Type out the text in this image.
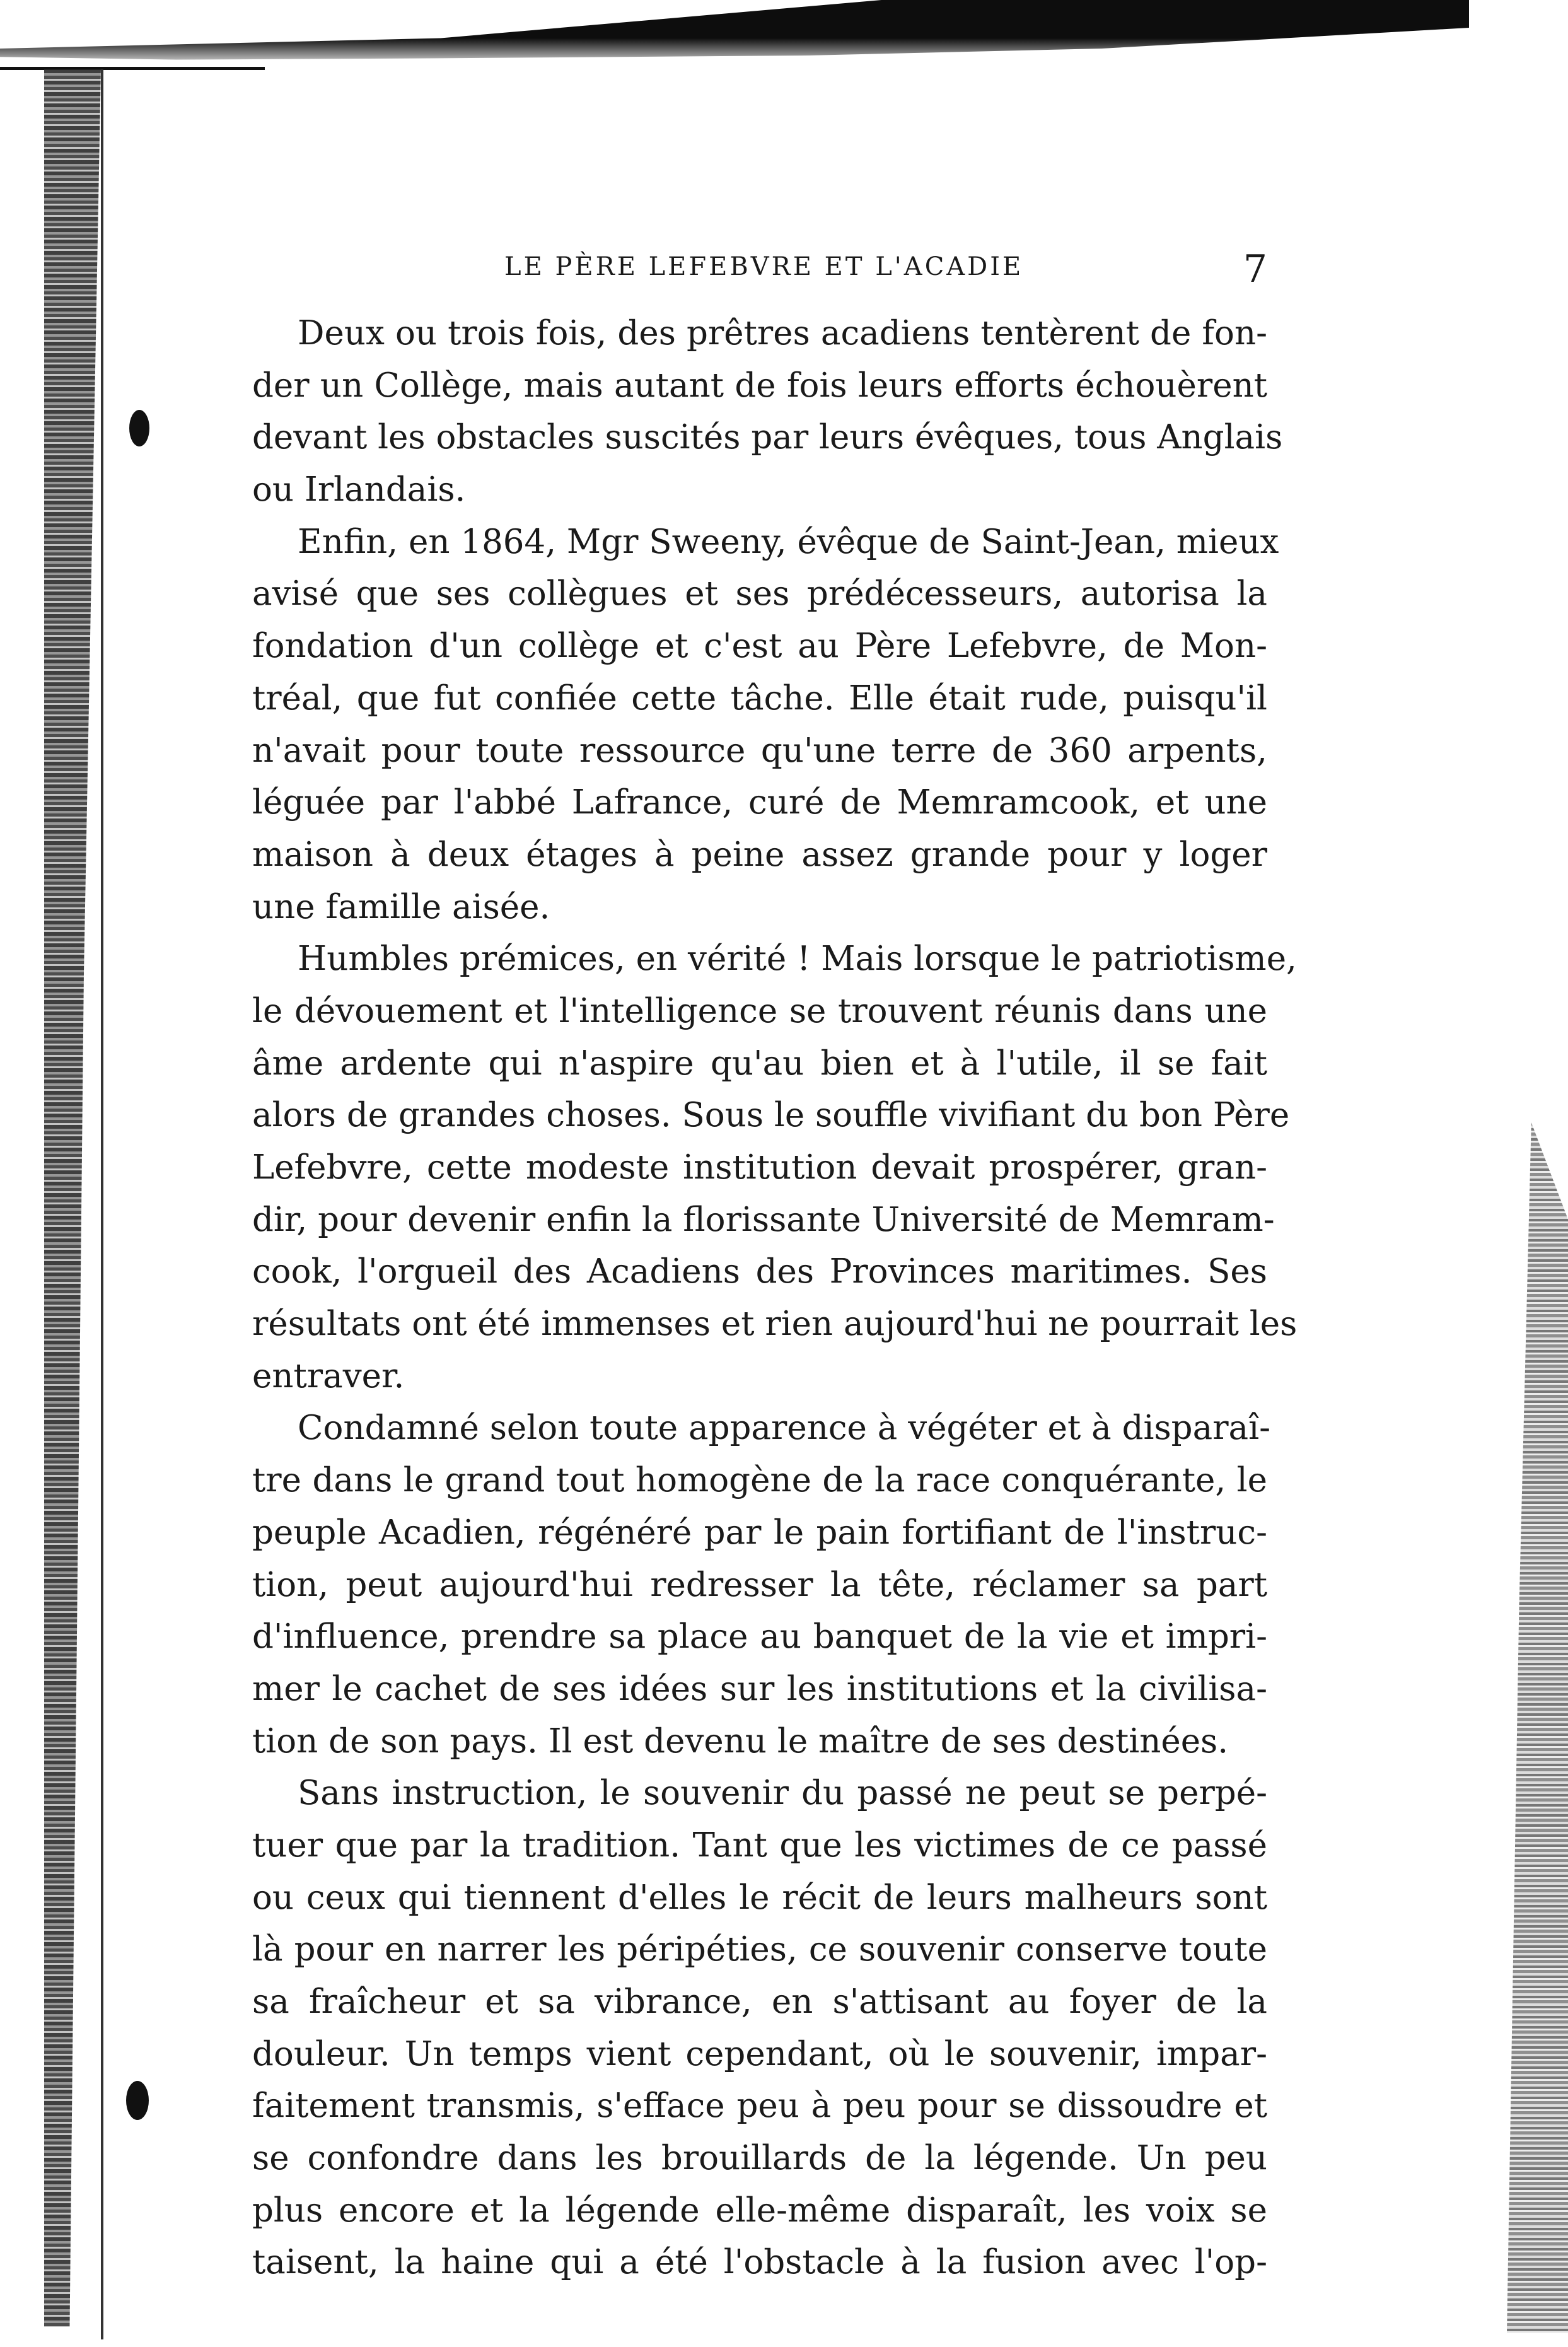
LE PÈRE LEFEBVRE ET L'ACADIE	7
Deux ou trois fois, des prêtres acadiens tentèrent de fon-
der un Collège, mais autant de fois leurs efforts échouèrent
devant les obstacles suscités par leurs évêques, tous Anglais
ou Irlandais.
Enfin, en 1864, Mgr Sweeny, évêque de Saint-Jean, mieux
avisé que ses collègues et ses prédécesseurs, autorisa la
fondation d'un collège et c'est au Père Lefebvre, de Mon-
tréal, que fut confiée cette tâche. Elle était rude, puisqu'il
n'avait pour toute ressource qu'une terre de 360 arpents,
léguée par l'abbé Lafrance, curé de Memramcook, et une
maison à deux étages à peine assez grande pour y loger
une famille aisée.
Humbles prémices, en vérité ! Mais lorsque le patriotisme,
le dévouement et l'intelligence se trouvent réunis dans une
âme ardente qui n'aspire qu'au bien et à l'utile, il se fait
alors de grandes choses. Sous le souffle vivifiant du bon Père
Lefebvre, cette modeste institution devait prospérer, gran-
dir, pour devenir enfin la florissante Université de Memram-
cook, l'orgueil des Acadiens des Provinces maritimes. Ses
résultats ont été immenses et rien aujourd'hui ne pourrait les
entraver.
Condamné selon toute apparence à végéter et à disparaî-
tre dans le grand tout homogène de la race conquérante, le
peuple Acadien, régénéré par le pain fortifiant de l'instruc-
tion, peut aujourd'hui redresser la tête, réclamer sa part
d'influence, prendre sa place au banquet de la vie et impri-
mer le cachet de ses idées sur les institutions et la civilisa-
tion de son pays. Il est devenu le maître de ses destinées.
Sans instruction, le souvenir du passé ne peut se perpé-
tuer que par la tradition. Tant que les victimes de ce passé
ou ceux qui tiennent d'elles le récit de leurs malheurs sont
là pour en narrer les péripéties, ce souvenir conserve toute
sa fraîcheur et sa vibrance, en s'attisant au foyer de la
douleur. Un temps vient cependant, où le souvenir, impar-
faitement transmis, s'efface peu à peu pour se dissoudre et
se confondre dans les brouillards de la légende. Un peu
plus encore et la légende elle-même disparaît, les voix se
taisent, la haine qui a été l'obstacle à la fusion avec l'op-
